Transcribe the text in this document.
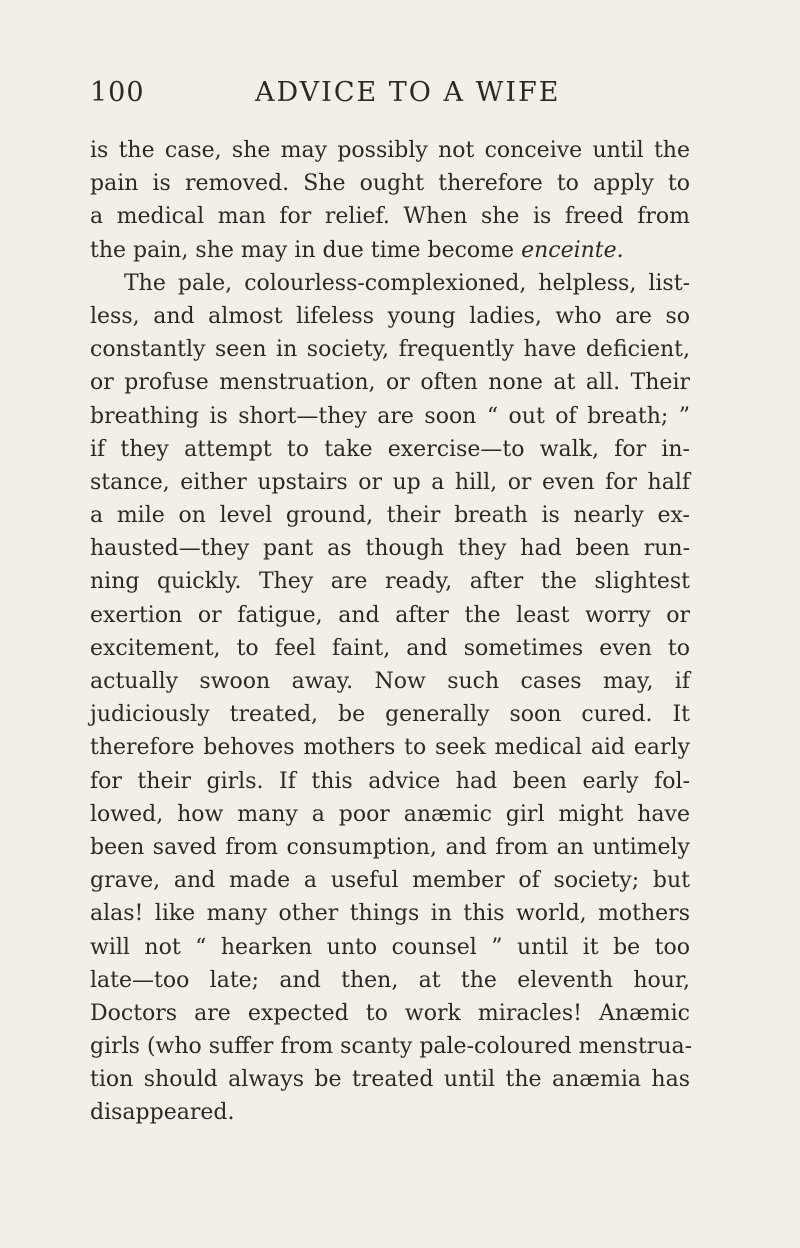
100	ADVICE TO A WIFE
is the case, she may possibly not conceive until the
pain is removed. She ought therefore to apply to
a medical man for relief. When she is freed from
the pain, she may in due time become enceinte.
The pale, colourless-complexioned, helpless, list-
less, and almost lifeless young ladies, who are so
constantly seen in society, frequently have deficient,
or profuse menstruation, or often none at all. Their
breathing is short—they are soon “ out of breath; ”
if they attempt to take exercise—to walk, for in-
stance, either upstairs or up a hill, or even for half
a mile on level ground, their breath is nearly ex-
hausted—they pant as though they had been run-
ning quickly. They are ready, after the slightest
exertion or fatigue, and after the least worry or
excitement, to feel faint, and sometimes even to
actually swoon away. Now such cases may, if
judiciously treated, be generally soon cured. It
therefore behoves mothers to seek medical aid early
for their girls. If this advice had been early fol-
lowed, how many a poor anæmic girl might have
been saved from consumption, and from an untimely
grave, and made a useful member of society; but
alas! like many other things in this world, mothers
will not “ hearken unto counsel ” until it be too
late—too late; and then, at the eleventh hour,
Doctors are expected to work miracles! Anæmic
girls (who suffer from scanty pale-coloured menstrua-
tion should always be treated until the anæmia has
disappeared.
